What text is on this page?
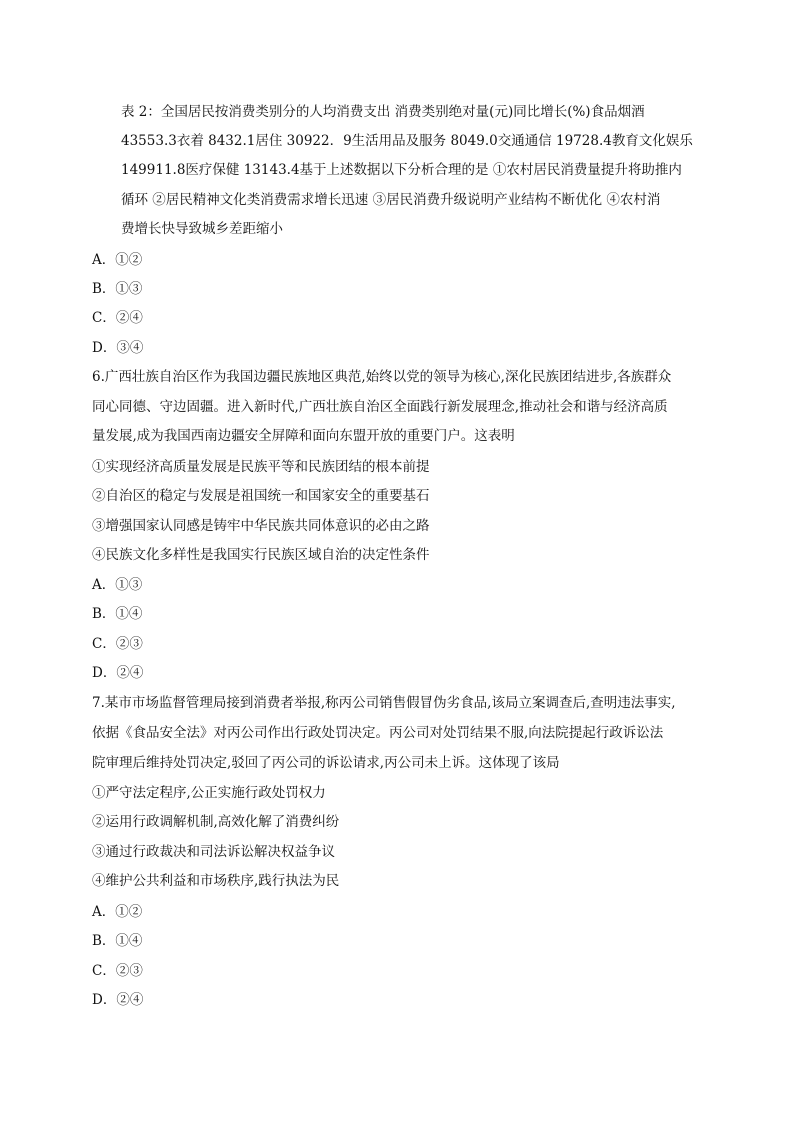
表 2：全国居民按消费类别分的人均消费支出 消费类别绝对量(元)同比增长(%)食品烟酒
43553.3衣着 8432.1居住 30922．9生活用品及服务 8049.0交通通信 19728.4教育文化娱乐
149911.8医疗保健 13143.4基于上述数据以下分析合理的是 ①农村居民消费量提升将助推内
循环 ②居民精神文化类消费需求增长迅速 ③居民消费升级说明产业结构不断优化 ④农村消
费增长快导致城乡差距缩小
A．①②
B．①③
C．②④
D．③④
6.广西壮族自治区作为我国边疆民族地区典范,始终以党的领导为核心,深化民族团结进步,各族群众
同心同德、守边固疆。进入新时代,广西壮族自治区全面践行新发展理念,推动社会和谐与经济高质
量发展,成为我国西南边疆安全屏障和面向东盟开放的重要门户。这表明
①实现经济高质量发展是民族平等和民族团结的根本前提
②自治区的稳定与发展是祖国统一和国家安全的重要基石
③增强国家认同感是铸牢中华民族共同体意识的必由之路
④民族文化多样性是我国实行民族区域自治的决定性条件
A．①③
B．①④
C．②③
D．②④
7.某市市场监督管理局接到消费者举报,称丙公司销售假冒伪劣食品,该局立案调查后,查明违法事实,
依据《食品安全法》对丙公司作出行政处罚决定。丙公司对处罚结果不服,向法院提起行政诉讼法
院审理后维持处罚决定,驳回了丙公司的诉讼请求,丙公司未上诉。这体现了该局
①严守法定程序,公正实施行政处罚权力
②运用行政调解机制,高效化解了消费纠纷
③通过行政裁决和司法诉讼解决权益争议
④维护公共利益和市场秩序,践行执法为民
A．①②
B．①④
C．②③
D．②④
